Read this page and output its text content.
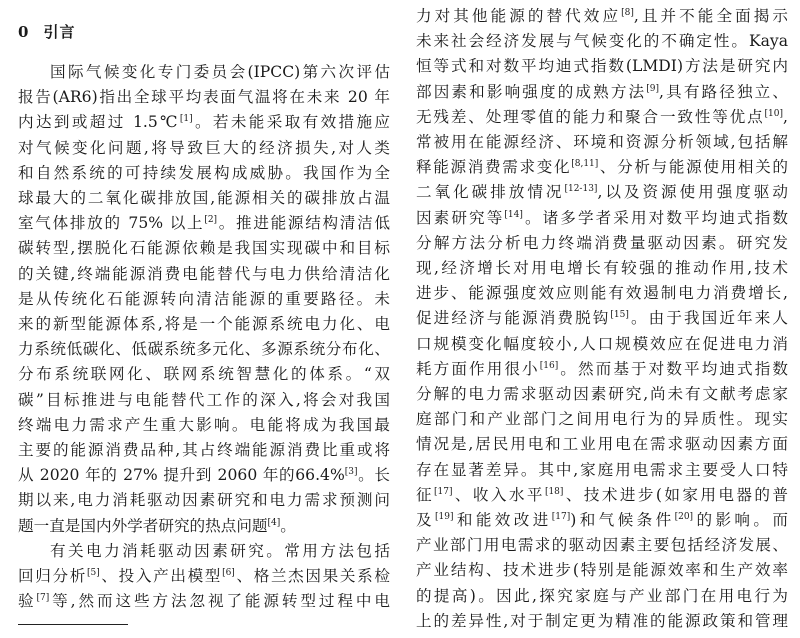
0 引言
国际气候变化专门委员会(IPCC)第六次评估
报告(AR6)指出全球平均表面气温将在未来 20 年
内达到或超过 1.5℃[1]。若未能采取有效措施应
对气候变化问题,将导致巨大的经济损失,对人类
和自然系统的可持续发展构成威胁。我国作为全
球最大的二氧化碳排放国,能源相关的碳排放占温
室气体排放的 75% 以上[2]。推进能源结构清洁低
碳转型,摆脱化石能源依赖是我国实现碳中和目标
的关键,终端能源消费电能替代与电力供给清洁化
是从传统化石能源转向清洁能源的重要路径。未
来的新型能源体系,将是一个能源系统电力化、电
力系统低碳化、低碳系统多元化、多源系统分布化、
分布系统联网化、联网系统智慧化的体系。“双
碳”目标推进与电能替代工作的深入,将会对我国
终端电力需求产生重大影响。电能将成为我国最
主要的能源消费品种,其占终端能源消费比重或将
从 2020 年的 27% 提升到 2060 年的66.4%[3]。长
期以来,电力消耗驱动因素研究和电力需求预测问
题一直是国内外学者研究的热点问题[4]。
有关电力消耗驱动因素研究。常用方法包括
回归分析[5]、投入产出模型[6]、格兰杰因果关系检
验[7]等,然而这些方法忽视了能源转型过程中电
力对其他能源的替代效应[8],且并不能全面揭示
未来社会经济发展与气候变化的不确定性。Kaya
恒等式和对数平均迪式指数(LMDI)方法是研究内
部因素和影响强度的成熟方法[9],具有路径独立、
无残差、处理零值的能力和聚合一致性等优点[10],
常被用在能源经济、环境和资源分析领域,包括解
释能源消费需求变化[8,11]、分析与能源使用相关的
二氧化碳排放情况[12-13],以及资源使用强度驱动
因素研究等[14]。诸多学者采用对数平均迪式指数
分解方法分析电力终端消费量驱动因素。研究发
现,经济增长对用电增长有较强的推动作用,技术
进步、能源强度效应则能有效遏制电力消费增长,
促进经济与能源消费脱钩[15]。由于我国近年来人
口规模变化幅度较小,人口规模效应在促进电力消
耗方面作用很小[16]。然而基于对数平均迪式指数
分解的电力需求驱动因素研究,尚未有文献考虑家
庭部门和产业部门之间用电行为的异质性。现实
情况是,居民用电和工业用电在需求驱动因素方面
存在显著差异。其中,家庭用电需求主要受人口特
征[17]、收入水平[18]、技术进步(如家用电器的普
及[19]和能效改进[17])和气候条件[20]的影响。而
产业部门用电需求的驱动因素主要包括经济发展、
产业结构、技术进步(特别是能源效率和生产效率
的提高)。因此,探究家庭与产业部门在用电行为
上的差异性,对于制定更为精准的能源政策和管理
